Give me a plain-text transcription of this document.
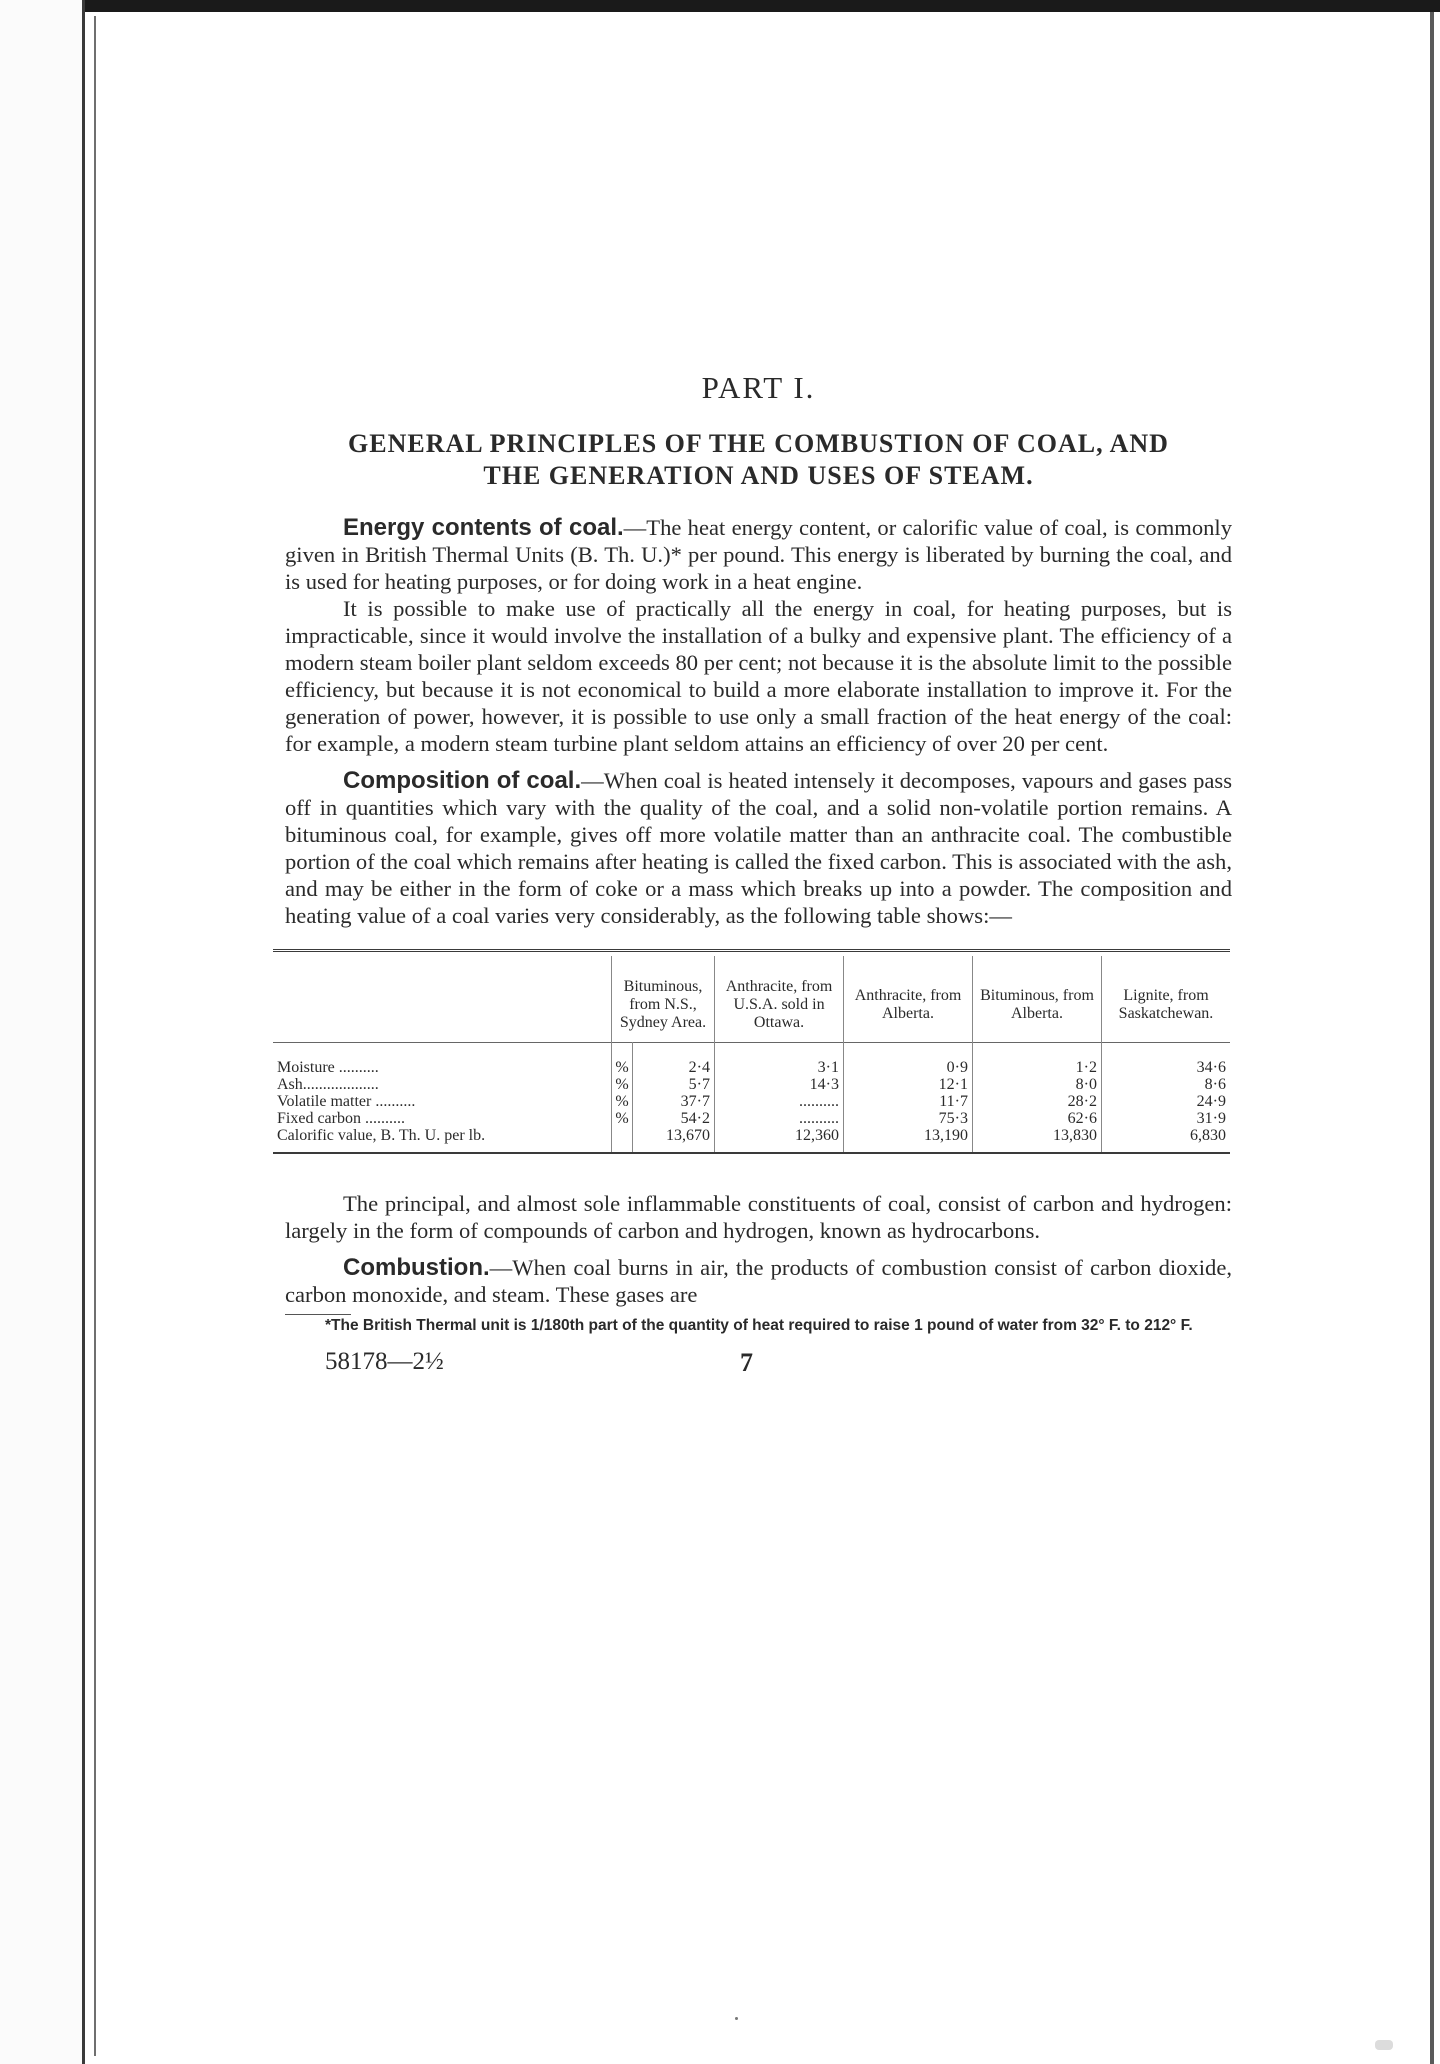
PART I.
GENERAL PRINCIPLES OF THE COMBUSTION OF COAL, AND
THE GENERATION AND USES OF STEAM.

Energy contents of coal.—The heat energy content, or calorific value of coal, is commonly given in British Thermal Units (B. Th. U.)* per pound. This energy is liberated by burning the coal, and is used for heating purposes, or for doing work in a heat engine.

It is possible to make use of practically all the energy in coal, for heating purposes, but is impracticable, since it would involve the installation of a bulky and expensive plant. The efficiency of a modern steam boiler plant seldom exceeds 80 per cent; not because it is the absolute limit to the possible efficiency, but because it is not economical to build a more elaborate installation to improve it. For the generation of power, however, it is possible to use only a small fraction of the heat energy of the coal: for example, a modern steam turbine plant seldom attains an efficiency of over 20 per cent.

Composition of coal.—When coal is heated intensely it decomposes, vapours and gases pass off in quantities which vary with the quality of the coal, and a solid non-volatile portion remains. A bituminous coal, for example, gives off more volatile matter than an anthracite coal. The combustible portion of the coal which remains after heating is called the fixed carbon. This is associated with the ash, and may be either in the form of coke or a mass which breaks up into a powder. The composition and heating value of a coal varies very considerably, as the following table shows:—

	Bituminous, from N.S., Sydney Area.		Anthracite, from U.S.A. sold in Ottawa.	Anthracite, from Alberta.	Bituminous, from Alberta.	Lignite, from Saskatchewan.
Moisture ..........	%	2·4	3·1	0·9	1·2	34·6
Ash...................	%	5·7	14·3	12·1	8·0	8·6
Volatile matter ..........	%	37·7	..........	11·7	28·2	24·9
Fixed carbon ..........	%	54·2	..........	75·3	62·6	31·9
Calorific value, B. Th. U. per lb.		13,670	12,360	13,190	13,830	6,830

The principal, and almost sole inflammable constituents of coal, consist of carbon and hydrogen: largely in the form of compounds of carbon and hydrogen, known as hydrocarbons.

Combustion.—When coal burns in air, the products of combustion consist of carbon dioxide, carbon monoxide, and steam. These gases are

*The British Thermal unit is 1/180th part of the quantity of heat required to raise 1 pound of water from 32° F. to 212° F.
58178—2½	7
